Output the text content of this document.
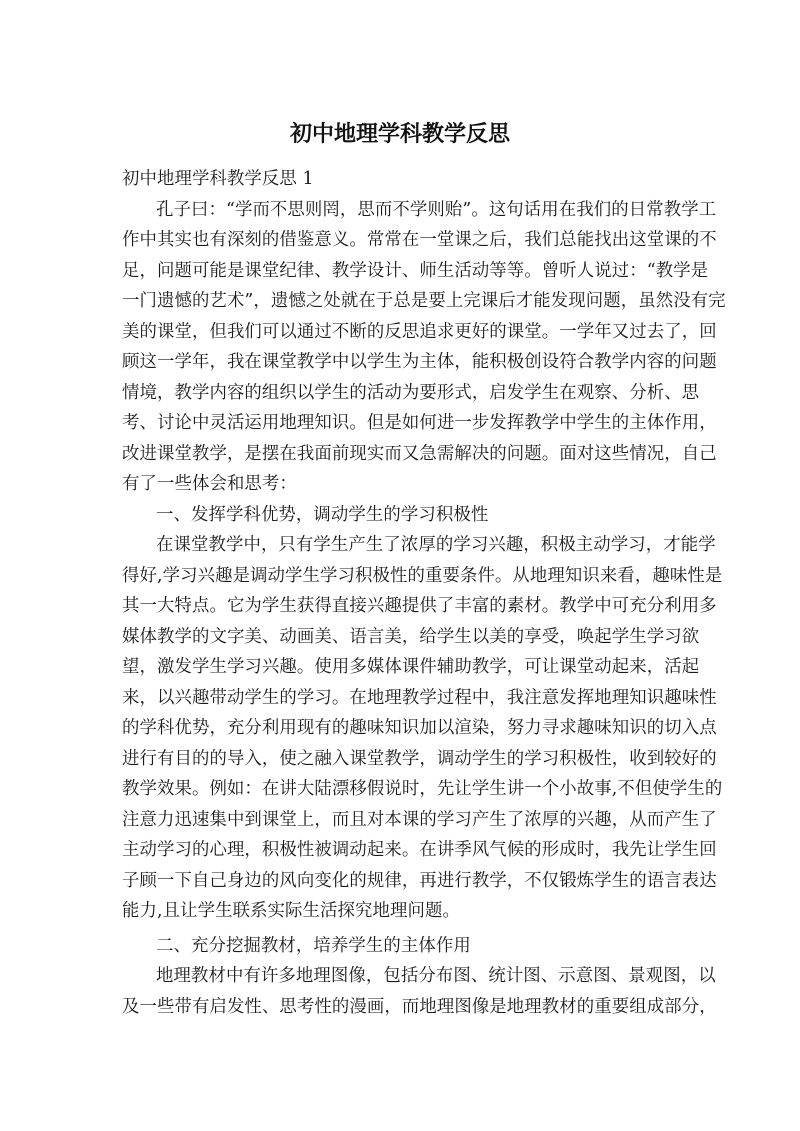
初中地理学科教学反思
初中地理学科教学反思 1
孔子曰：“学而不思则罔，思而不学则贻”。这句话用在我们的日常教学工
作中其实也有深刻的借鉴意义。常常在一堂课之后，我们总能找出这堂课的不
足，问题可能是课堂纪律、教学设计、师生活动等等。曾听人说过：“教学是
一门遗憾的艺术”，遗憾之处就在于总是要上完课后才能发现问题，虽然没有完
美的课堂，但我们可以通过不断的反思追求更好的课堂。一学年又过去了，回
顾这一学年，我在课堂教学中以学生为主体，能积极创设符合教学内容的问题
情境，教学内容的组织以学生的活动为要形式，启发学生在观察、分析、思
考、讨论中灵活运用地理知识。但是如何进一步发挥教学中学生的主体作用，
改进课堂教学，是摆在我面前现实而又急需解决的问题。面对这些情况，自己
有了一些体会和思考：
一、发挥学科优势，调动学生的学习积极性
在课堂教学中，只有学生产生了浓厚的学习兴趣，积极主动学习，才能学
得好,学习兴趣是调动学生学习积极性的重要条件。从地理知识来看，趣味性是
其一大特点。它为学生获得直接兴趣提供了丰富的素材。教学中可充分利用多
媒体教学的文字美、动画美、语言美，给学生以美的享受，唤起学生学习欲
望，激发学生学习兴趣。使用多媒体课件辅助教学，可让课堂动起来，活起
来，以兴趣带动学生的学习。在地理教学过程中，我注意发挥地理知识趣味性
的学科优势，充分利用现有的趣味知识加以渲染，努力寻求趣味知识的切入点
进行有目的的导入，使之融入课堂教学，调动学生的学习积极性，收到较好的
教学效果。例如：在讲大陆漂移假说时，先让学生讲一个小故事,不但使学生的
注意力迅速集中到课堂上，而且对本课的学习产生了浓厚的兴趣，从而产生了
主动学习的心理，积极性被调动起来。在讲季风气候的形成时，我先让学生回
子顾一下自己身边的风向变化的规律，再进行教学，不仅锻炼学生的语言表达
能力,且让学生联系实际生活探究地理问题。
二、充分挖掘教材，培养学生的主体作用
地理教材中有许多地理图像，包括分布图、统计图、示意图、景观图，以
及一些带有启发性、思考性的漫画，而地理图像是地理教材的重要组成部分，
